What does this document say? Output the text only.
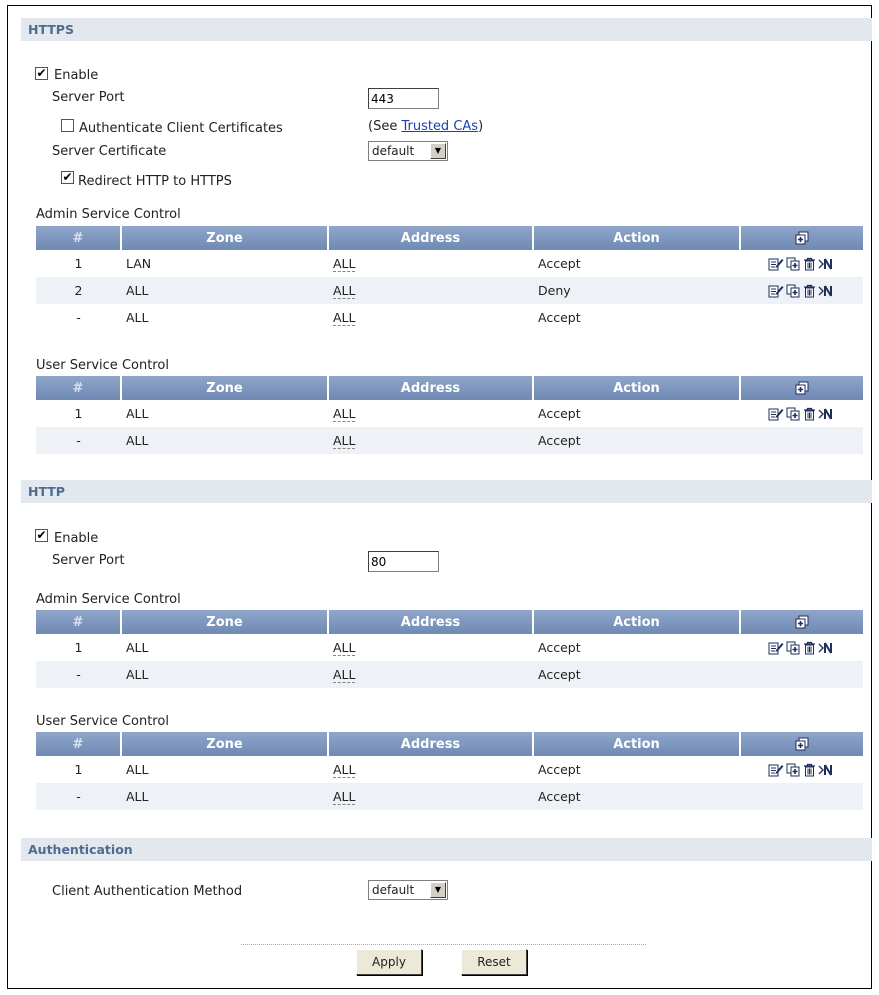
HTTPS
✔ Enable
Server Port
443
Authenticate Client Certificates	(See Trusted CAs)
Server Certificate	default	▼
✔ Redirect HTTP to HTTPS
Admin Service Control
#	Zone	Address	Action	

1	LAN	ALL	Accept	

2	ALL	ALL	Deny	

-	ALL	ALL	Accept	
User Service Control
#	Zone	Address	Action	

1	ALL	ALL	Accept	

-	ALL	ALL	Accept	
HTTP
✔ Enable
Server Port
80
Admin Service Control
#	Zone	Address	Action	

1	ALL	ALL	Accept	

-	ALL	ALL	Accept	
User Service Control
#	Zone	Address	Action	

1	ALL	ALL	Accept	

-	ALL	ALL	Accept	
Authentication
Client Authentication Method	default	▼
Apply	Reset
